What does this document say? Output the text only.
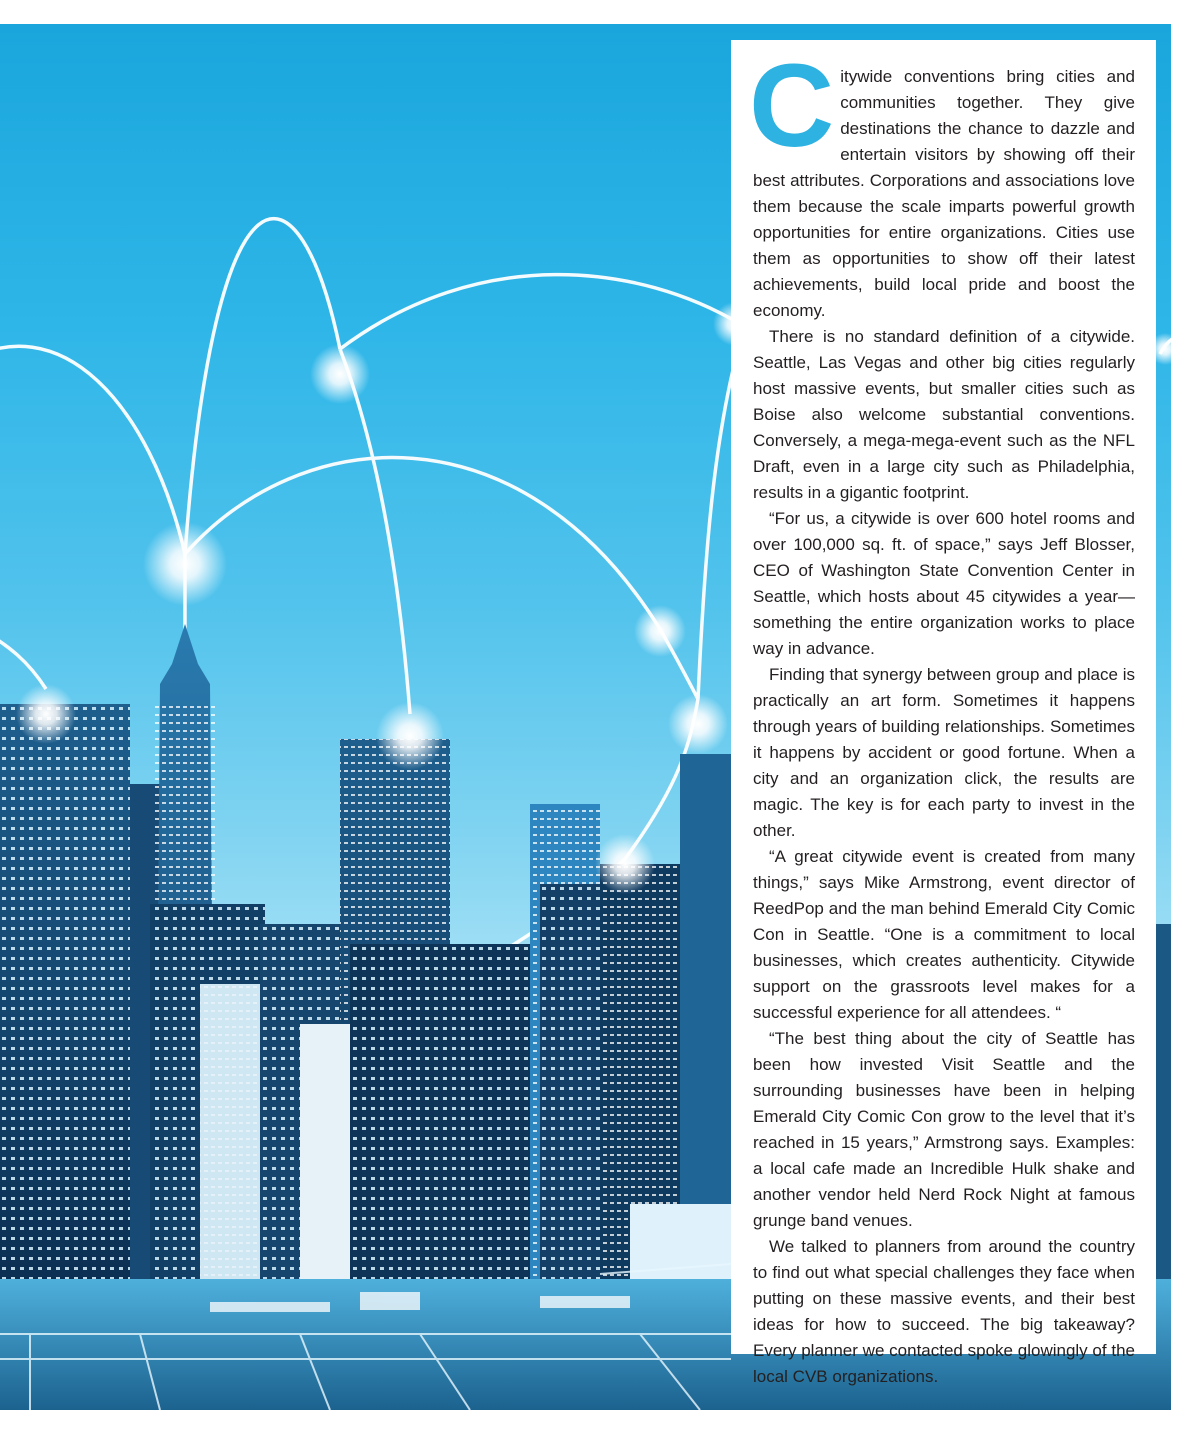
Citywide conventions bring cities and communities together. They give destinations the chance to dazzle and entertain visitors by showing off their best attributes. Corporations and associations love them because the scale imparts powerful growth opportunities for entire organizations. Cities use them as opportunities to show off their latest achievements, build local pride and boost the economy.

There is no standard definition of a citywide. Seattle, Las Vegas and other big cities regularly host massive events, but smaller cities such as Boise also welcome substantial conventions. Conversely, a mega-mega-event such as the NFL Draft, even in a large city such as Philadelphia, results in a gigantic footprint.

“For us, a citywide is over 600 hotel rooms and over 100,000 sq. ft. of space,” says Jeff Blosser, CEO of Washington State Convention Center in Seattle, which hosts about 45 citywides a year—something the entire organization works to place way in advance.

Finding that synergy between group and place is practically an art form. Sometimes it happens through years of building relationships. Sometimes it happens by accident or good fortune. When a city and an organization click, the results are magic. The key is for each party to invest in the other.

“A great citywide event is created from many things,” says Mike Armstrong, event director of ReedPop and the man behind Emerald City Comic Con in Seattle. “One is a commitment to local businesses, which creates authenticity. Citywide support on the grassroots level makes for a successful experience for all attendees. “

“The best thing about the city of Seattle has been how invested Visit Seattle and the surrounding businesses have been in helping Emerald City Comic Con grow to the level that it’s reached in 15 years,” Armstrong says. Examples: a local cafe made an Incredible Hulk shake and another vendor held Nerd Rock Night at famous grunge band venues.

We talked to planners from around the country to find out what special challenges they face when putting on these massive events, and their best ideas for how to succeed. The big takeaway? Every planner we contacted spoke glowingly of the local CVB organizations.
